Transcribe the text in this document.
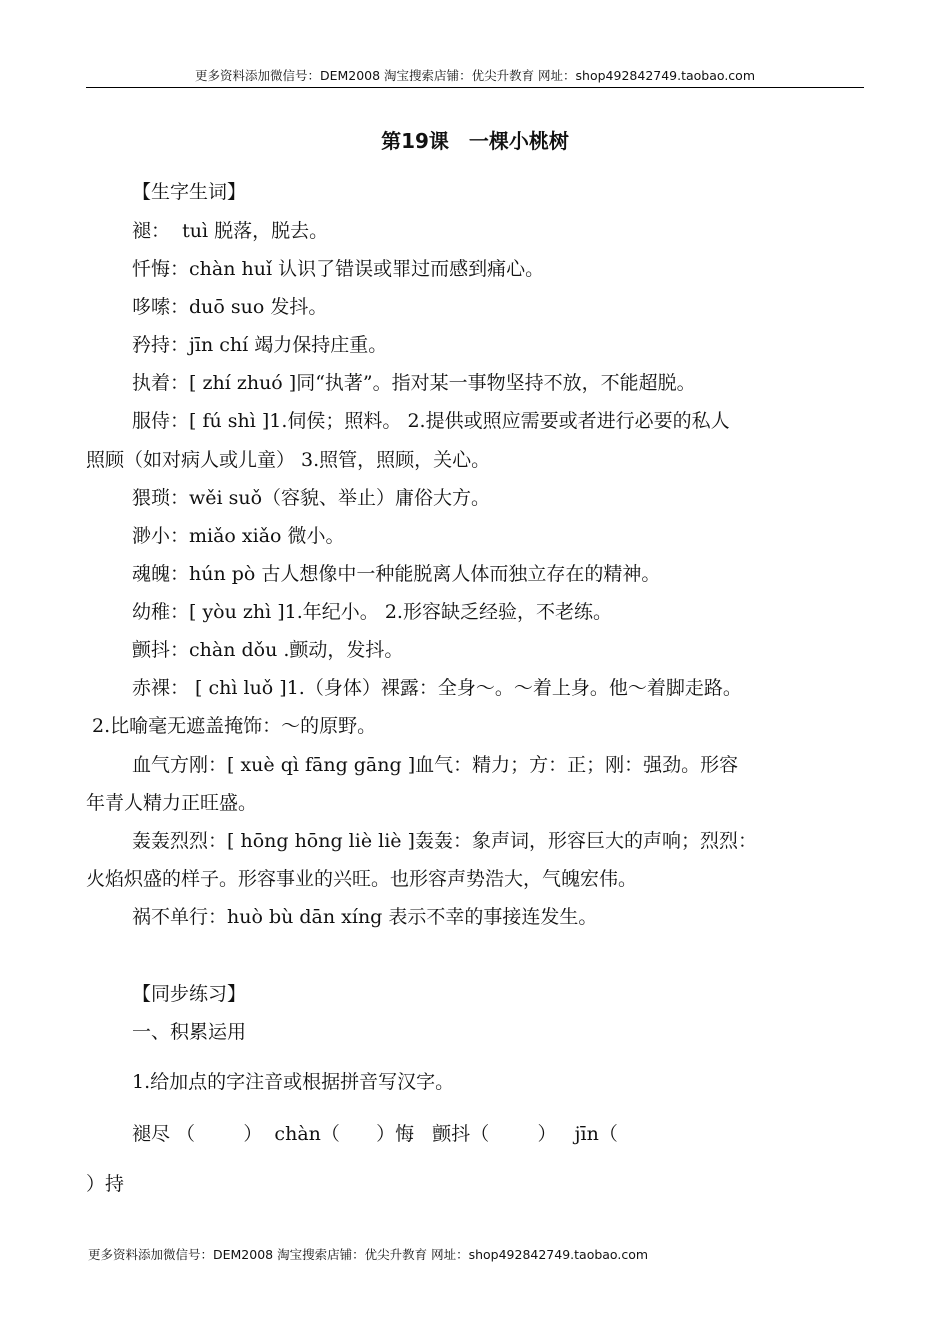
更多资料添加微信号：DEM2008 淘宝搜索店铺：优尖升教育 网址：shop492842749.taobao.com
第19课　一棵小桃树
【生字生词】
褪：  tuì 脱落，脱去。
忏悔：chàn huǐ 认识了错误或罪过而感到痛心。
哆嗦：duō suo 发抖。
矜持：jīn chí 竭力保持庄重。
执着：[ zhí zhuó ]同“执著”。指对某一事物坚持不放，不能超脱。
服侍：[ fú shì ]1.伺侯；照料。 2.提供或照应需要或者进行必要的私人
照顾（如对病人或儿童） 3.照管，照顾，关心。
猥琐：wěi suǒ（容貌、举止）庸俗大方。
渺小：miǎo xiǎo 微小。
魂魄：hún pò 古人想像中一种能脱离人体而独立存在的精神。
幼稚：[ yòu zhì ]1.年纪小。 2.形容缺乏经验，不老练。
颤抖：chàn dǒu .颤动，发抖。
赤裸： [ chì luǒ ]1.（身体）裸露：全身～。～着上身。他～着脚走路。
2.比喻毫无遮盖掩饰：～的原野。
血气方刚：[ xuè qì fāng gāng ]血气：精力；方：正；刚：强劲。形容
年青人精力正旺盛。
轰轰烈烈：[ hōng hōng liè liè ]轰轰：象声词，形容巨大的声响；烈烈：
火焰炽盛的样子。形容事业的兴旺。也形容声势浩大，气魄宏伟。
祸不单行：huò bù dān xíng 表示不幸的事接连发生。
【同步练习】
一、积累运用
1.给加点的字注音或根据拼音写汉字。
褪尽 （        ）  chàn（      ）悔   颤抖（        ）   jīn（
）持
更多资料添加微信号：DEM2008 淘宝搜索店铺：优尖升教育 网址：shop492842749.taobao.com
